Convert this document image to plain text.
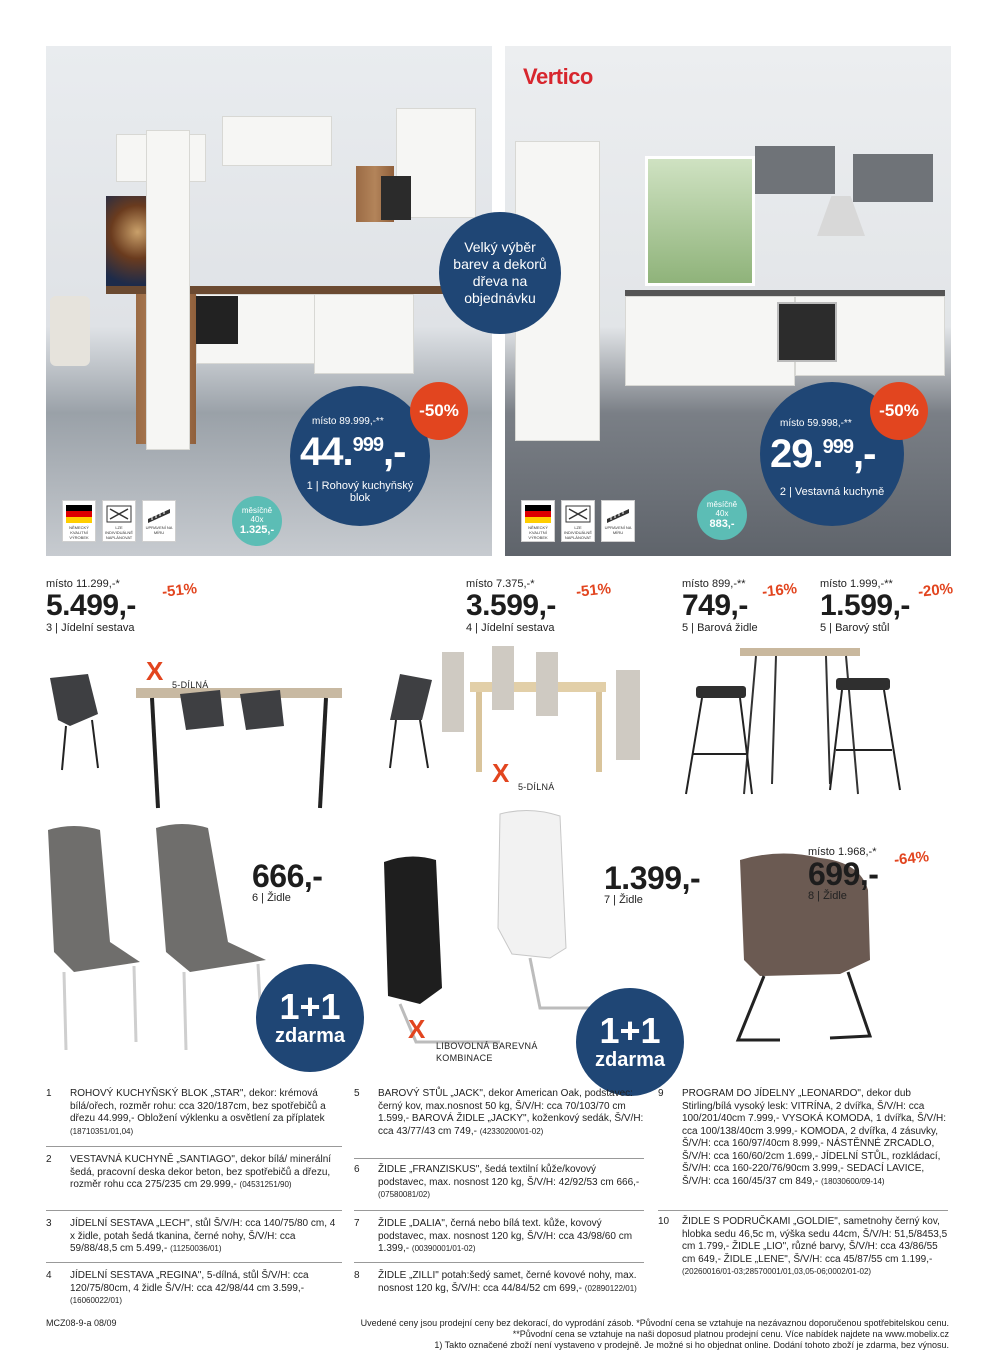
NĚMECKÝ KVALITNÍ VÝROBEK
LZE INDIVIDUÁLNĚ NAPLÁNOVAT
UPRAVENÍ NA MÍRU
Vertico
NĚMECKÝ KVALITNÍ VÝROBEK
LZE INDIVIDUÁLNĚ NAPLÁNOVAT
UPRAVENÍ NA MÍRU
Velký výběr barev a dekorů dřeva na objednávku
místo 89.999,-**
44.$^{999}$,-
1 | Rohový kuchyňský
blok
-50%
měsíčně
40x
1.325,-
místo 59.998,-**
29.$^{999}$,-
2 | Vestavná kuchyně
-50%
měsíčně
40x
883,-
místo 11.299,-*
5.499,-
3 | Jídelní sestava
-51%	místo 7.375,-*
3.599,-
4 | Jídelní sestava
-51%	místo 899,-**
749,-
5 | Barová židle
-16% místo 1.999,-**
1.599,-
5 | Barový stůl
-20%
X 5-DÍLNÁ
X 5-DÍLNÁ
666,-
6 | Židle
1+1
zdarma X
LIBOVOLNÁ BAREVNÁ
KOMBINACE
1.399,-
7 | Židle
1+1
zdarma
místo 1.968,-*
699,-
8 | Židle
-64%
1 ROHOVÝ KUCHYŇSKÝ BLOK „STAR", dekor: krémová bílá/ořech, rozměr rohu: cca 320/187cm, bez spotřebičů a dřezu 44.999,- Obložení výklenku a osvětlení za příplatek (18710351/01,04)
2 VESTAVNÁ KUCHYNĚ „SANTIAGO", dekor bílá/ minerální šedá, pracovní deska dekor beton, bez spotřebičů a dřezu, rozměr rohu cca 275/235 cm 29.999,- (04531251/90)
3 JÍDELNÍ SESTAVA „LECH", stůl Š/V/H: cca 140/75/80 cm, 4 x židle, potah šedá tkanina, černé nohy, Š/V/H: cca 59/88/48,5 cm 5.499,- (11250036/01)
4 JÍDELNÍ SESTAVA „REGINA", 5-dílná, stůl Š/V/H: cca 120/75/80cm, 4 židle Š/V/H: cca 42/98/44 cm 3.599,- (16060022/01)
5 BAROVÝ STŮL „JACK", dekor American Oak, podstavec: černý kov, max.nosnost 50 kg, Š/V/H: cca 70/103/70 cm 1.599,- BAROVÁ ŽIDLE „JACKY", koženkový sedák, Š/V/H: cca 43/77/43 cm 749,- (42330200/01-02)
6 ŽIDLE „FRANZISKUS", šedá textilní kůže/kovový podstavec, max. nosnost 120 kg, Š/V/H: 42/92/53 cm 666,- (07580081/02)
7 ŽIDLE „DALIA", černá nebo bílá text. kůže, kovový podstavec, max. nosnost 120 kg, Š/V/H: cca 43/98/60 cm 1.399,- (00390001/01-02)
8 ŽIDLE „ZILLI" potah:šedý samet, černé kovové nohy, max. nosnost 120 kg, Š/V/H: cca 44/84/52 cm 699,- (02890122/01)
9 PROGRAM DO JÍDELNY „LEONARDO", dekor dub Stirling/bílá vysoký lesk: VITRÍNA, 2 dvířka, Š/V/H: cca 100/201/40cm 7.999,- VYSOKÁ KOMODA, 1 dvířka, Š/V/H: cca 100/138/40cm 3.999,- KOMODA, 2 dvířka, 4 zásuvky, Š/V/H: cca 160/97/40cm 8.999,- NÁSTĚNNÉ ZRCADLO, Š/V/H: cca 160/60/2cm 1.699,- JÍDELNÍ STŮL, rozkládací, Š/V/H: cca 160-220/76/90cm 3.999,- SEDACÍ LAVICE, Š/V/H: cca 160/45/37 cm 849,- (18030600/09-14)
10 ŽIDLE S PODRUČKAMI „GOLDIE", sametnohy černý kov, hlobka sedu 46,5c m, výška sedu 44cm, Š/V/H: 51,5/8453,5 cm 1.799,- ŽIDLE „LIO", různé barvy, Š/V/H: cca 43/86/55 cm 649,- ŽIDLE „LENE", Š/V/H: cca 45/87/55 cm 1.199,- (20260016/01-03;28570001/01,03,05-06;0002/01-02)
MCZ08-9-a 08/09	Uvedené ceny jsou prodejní ceny bez dekorací, do vyprodání zásob. *Původní cena se vztahuje na nezávaznou doporučenou spotřebitelskou cenu.
**Původní cena se vztahuje na naši doposud platnou prodejní cenu. Více nabídek najdete na www.mobelix.cz
1) Takto označené zboží není vystaveno v prodejně. Je možné si ho objednat online. Dodání tohoto zboží je zdarma, bez výnosu.
